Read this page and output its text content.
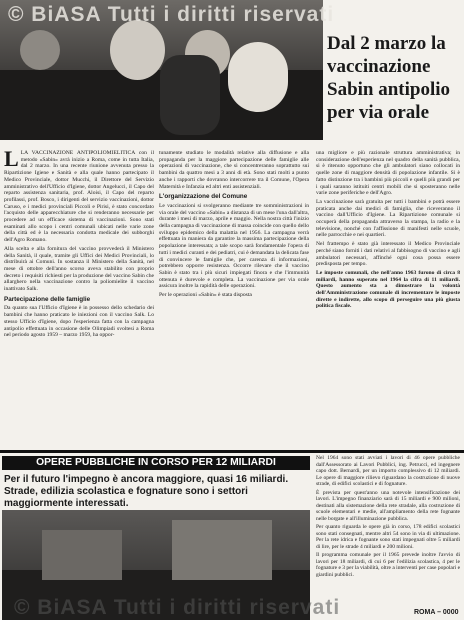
© BiASA Tutti i diritti riservati
Dal 2 marzo la vaccinazione Sabin antipolio per via orale

LLA VACCINAZIONE ANTIPOLIOMIELITICA con il metodo «Sabin» avrà inizio a Roma, come in tutta Italia, dal 2 marzo. In una recente riunione avvenuta presso la Ripartizione Igiene e Sanità e alla quale hanno partecipato il Medico Provinciale, dottor Mucchi, il Direttore del Servizio amministrativo dell'Ufficio d'Igiene, dottor Angelucci, il Capo del reparto assistenza sanitaria, prof. Aloisi, il Capo del reparto profilassi, prof. Bosco, i dirigenti del servizio vaccinazioni, dottor Caruso, e i medici provinciali Piccoli e Pirisi, è stato concordato l'acquisto delle apparecchiature che si renderanno necessarie per procedere ad un efficace sistema di vaccinazioni. Sono stati esaminati allo scopo i centri comunali ubicati nelle varie zone della città ed è la necessaria condotta medicale dei subborghi dell'Agro Romano.

Alla scelta e alla fornitura del vaccino provvederà il Ministero della Sanità, il quale, tramite gli Uffici dei Medici Provinciali, lo distribuirà ai Comuni. In sostanza il Ministero della Sanità, nel mese di ottobre dell'anno scorso aveva stabilito con proprio decreto i requisiti richiesti per la produzione del vaccino Sabin che allarghero nella vaccinazione contro la poliomielite il vaccino inattivato Salk.

Partecipazione delle famiglie

Da quanto sua l'Ufficio d'Igiene è in possesso dello schedario dei bambini che hanno praticato le iniezioni con il vaccino Salk. Lo stesso Ufficio d'Igiene, dopo l'esperienza fatta con la campagna antipolio effettuata in occasione delle Olimpiadi svoltesi a Roma nel periodo agosto 1959 – marzo 1959, ha oppor-

tunamente studiato le modalità relative alla diffusione e alla propaganda per la maggiore partecipazione delle famiglie alle operazioni di vaccinazione, che si concentreranno soprattutto sui bambini da quattro mesi a 3 anni di età. Sono stati molti a punto anche i rapporti che dovranno intercorrere tra il Comune, l'Opera Maternità e Infanzia ed altri enti assistenziali.

L'organizzazione del Comune

Le vaccinazioni si svolgeranno mediante tre somministrazioni in via orale del vaccino «Sabin» a distanza di un mese l'una dall'altra, durante i mesi di marzo, aprile e maggio. Nella nostra città l'inizio della campagna di vaccinazione di massa coincide con quello dello sviluppo epidemico della malattia nel 1956. La campagna verrà effettuata in maniera da garantire la massima partecipazione della popolazione interessata; a tale scopo sarà fondamentale l'opera di tutti i medici curanti e dei pediatri, cui è demandata la delicata fase di convincere le famiglie che, per carenza di informazioni, potrebbero opporre resistenza. Occorre rilevare che il vaccino Sabin è stato tra i più sicuri impiegati finora e che l'immunità ottenuta è durevole e completa. La vaccinazione per via orale assicura inoltre la rapidità delle operazioni.

Per le operazioni «Sabin» è stata disposta

una migliore e più razionale struttura amministrativa; in considerazione dell'esperienza nel quadro della sanità pubblica, si è ritenuto opportuno che gli ambulatori siano collocati in quelle zone di maggiore densità di popolazione infantile. Si è fatto distinzione tra i bambini più piccoli e quelli più grandi per i quali saranno istituiti centri mobili che si sposteranno nelle varie zone periferiche e dell'Agro.

La vaccinazione sarà gratuita per tutti i bambini e potrà essere praticata anche dai medici di famiglia, che riceveranno il vaccino dall'Ufficio d'Igiene. La Ripartizione comunale si occuperà della propaganda attraverso la stampa, la radio e la televisione, nonché con l'affissione di manifesti nelle scuole, nelle parrocchie e nei quartieri.

Nel frattempo è stato già interessato il Medico Provinciale perché siano forniti i dati relativi al fabbisogno di vaccino e agli ambulatori necessari, affinché ogni cosa possa essere predisposta per tempo.

Le imposte comunali, che nell'anno 1963 furono di circa 8 miliardi, hanno superato nel 1964 la cifra di 11 miliardi. Questo aumento sta a dimostrare la volontà dell'Amministrazione comunale di incrementare le imposte dirette e indirette, allo scopo di perseguire una più giusta politica fiscale.

OPERE PUBBLICHE IN CORSO PER 12 MILIARDI
Per il futuro l'impegno è ancora maggiore, quasi 16 miliardi. Strade, edilizia scolastica e fognature sono i settori maggiormente interessati.
© BiASA Tutti i diritti riservati

Nel 1964 sono stati avviati i lavori di 46 opere pubbliche dall'Assessorato ai Lavori Pubblici, ing. Petrucci, ed ingegnere capo dott. Bernardi, per un importo complessivo di 12 miliardi. Le opere di maggiore rilievo riguardano la costruzione di nuove strade, di edifici scolastici e di fognature.

È prevista per quest'anno una notevole intensificazione dei lavori. L'impegno finanziario sarà di 15 miliardi e 900 milioni, destinati alla sistemazione della rete stradale, alla costruzione di scuole elementari e medie, all'ampliamento della rete fognante nelle borgate e all'illuminazione pubblica.

Per quanto riguarda le opere già in corso, 178 edifici scolastici sono stati consegnati, mentre altri 54 sono in via di ultimazione. Per la rete idrica e fognante sono stati impegnati oltre 5 miliardi di lire, per le strade 4 miliardi e 200 milioni.

Il programma comunale per il 1965 prevede inoltre l'avvio di lavori per 18 miliardi, di cui 6 per l'edilizia scolastica, 4 per le fognature e 3 per la viabilità, oltre a interventi per case popolari e giardini pubblici.

ROMA – 0000
